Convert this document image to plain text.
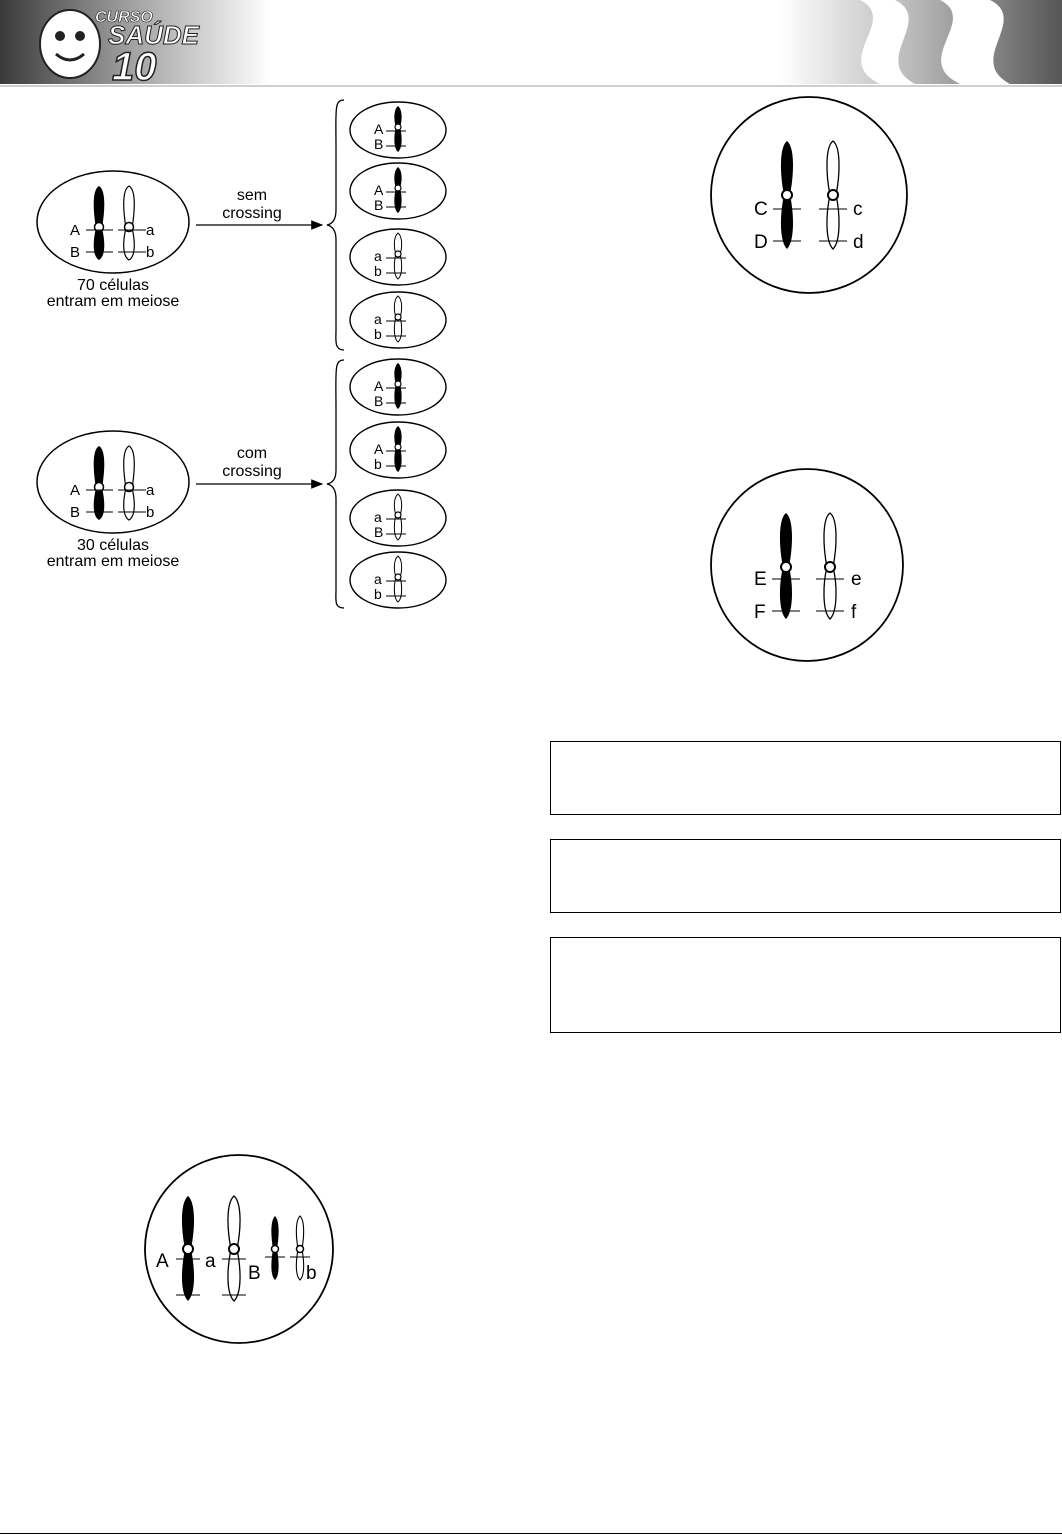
CURSO
SAÚDE
10
A
B
a
b
70 células
entram em meiose
sem
crossing
A
B
a
b
30 células
entram em meiose
com
crossing
A
B
A
B
a
b
a
b
A
B
A
b
a
B
a
b
C
D
c
d
E
F
e
f
A a
B b
